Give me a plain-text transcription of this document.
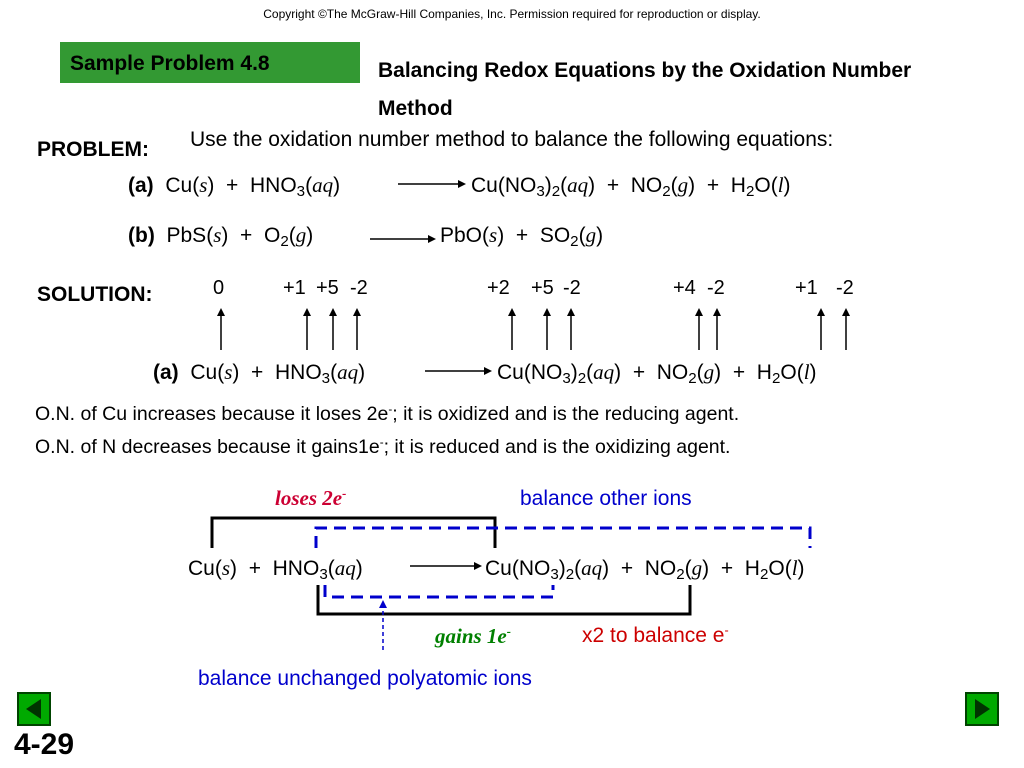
Copyright ©The McGraw-Hill Companies, Inc. Permission required for reproduction or display.
Sample Problem 4.8	Balancing Redox Equations by the Oxidation Number Method
PROBLEM: Use the oxidation number method to balance the following equations:
(a) $Cu(s) + HNO_3(aq)$	$Cu(NO_3)_2(aq) + NO_2(g) + H_2O(l)$
(b) $PbS(s) + O_2(g)$	$PbO(s) + SO_2(g)$
SOLUTION:	0	+1 +5 -2	+2 +5 -2	+4 -2	+1 -2
(a) $Cu(s) + HNO_3(aq)$	$Cu(NO_3)_2(aq) + NO_2(g) + H_2O(l)$
O.N. of Cu increases because it loses 2e-; it is oxidized and is the reducing agent.
O.N. of N decreases because it gains1e-; it is reduced and is the oxidizing agent.
loses 2e-	balance other ions
$Cu(s) + HNO_3(aq)$	$Cu(NO_3)_2(aq) + NO_2(g) + H_2O(l)$
gains 1e-	x2 to balance e-
balance unchanged polyatomic ions
4-29
